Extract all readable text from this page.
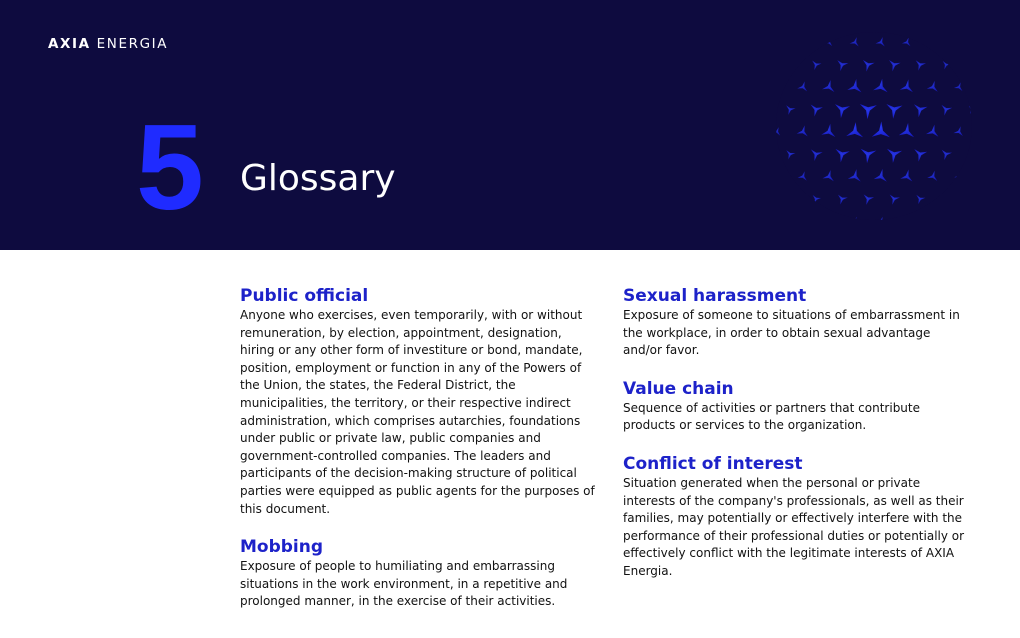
AXIA ENERGIA
5 Glossary
Public official

Anyone who exercises, even temporarily, with or without remuneration, by election, appointment, designation, hiring or any other form of investiture or bond, mandate, position, employment or function in any of the Powers of the Union, the states, the Federal District, the municipalities, the territory, or their respective indirect administration, which comprises autarchies, foundations under public or private law, public companies and government-controlled companies. The leaders and participants of the decision-making structure of political parties were equipped as public agents for the purposes of this document.

Mobbing

Exposure of people to humiliating and embarrassing situations in the work environment, in a repetitive and prolonged manner, in the exercise of their activities.

Sexual harassment

Exposure of someone to situations of embarrassment in the workplace, in order to obtain sexual advantage and/or favor.

Value chain

Sequence of activities or partners that contribute products or services to the organization.

Conflict of interest

Situation generated when the personal or private interests of the company's professionals, as well as their families, may potentially or effectively interfere with the performance of their professional duties or potentially or effectively conflict with the legitimate interests of AXIA Energia.
